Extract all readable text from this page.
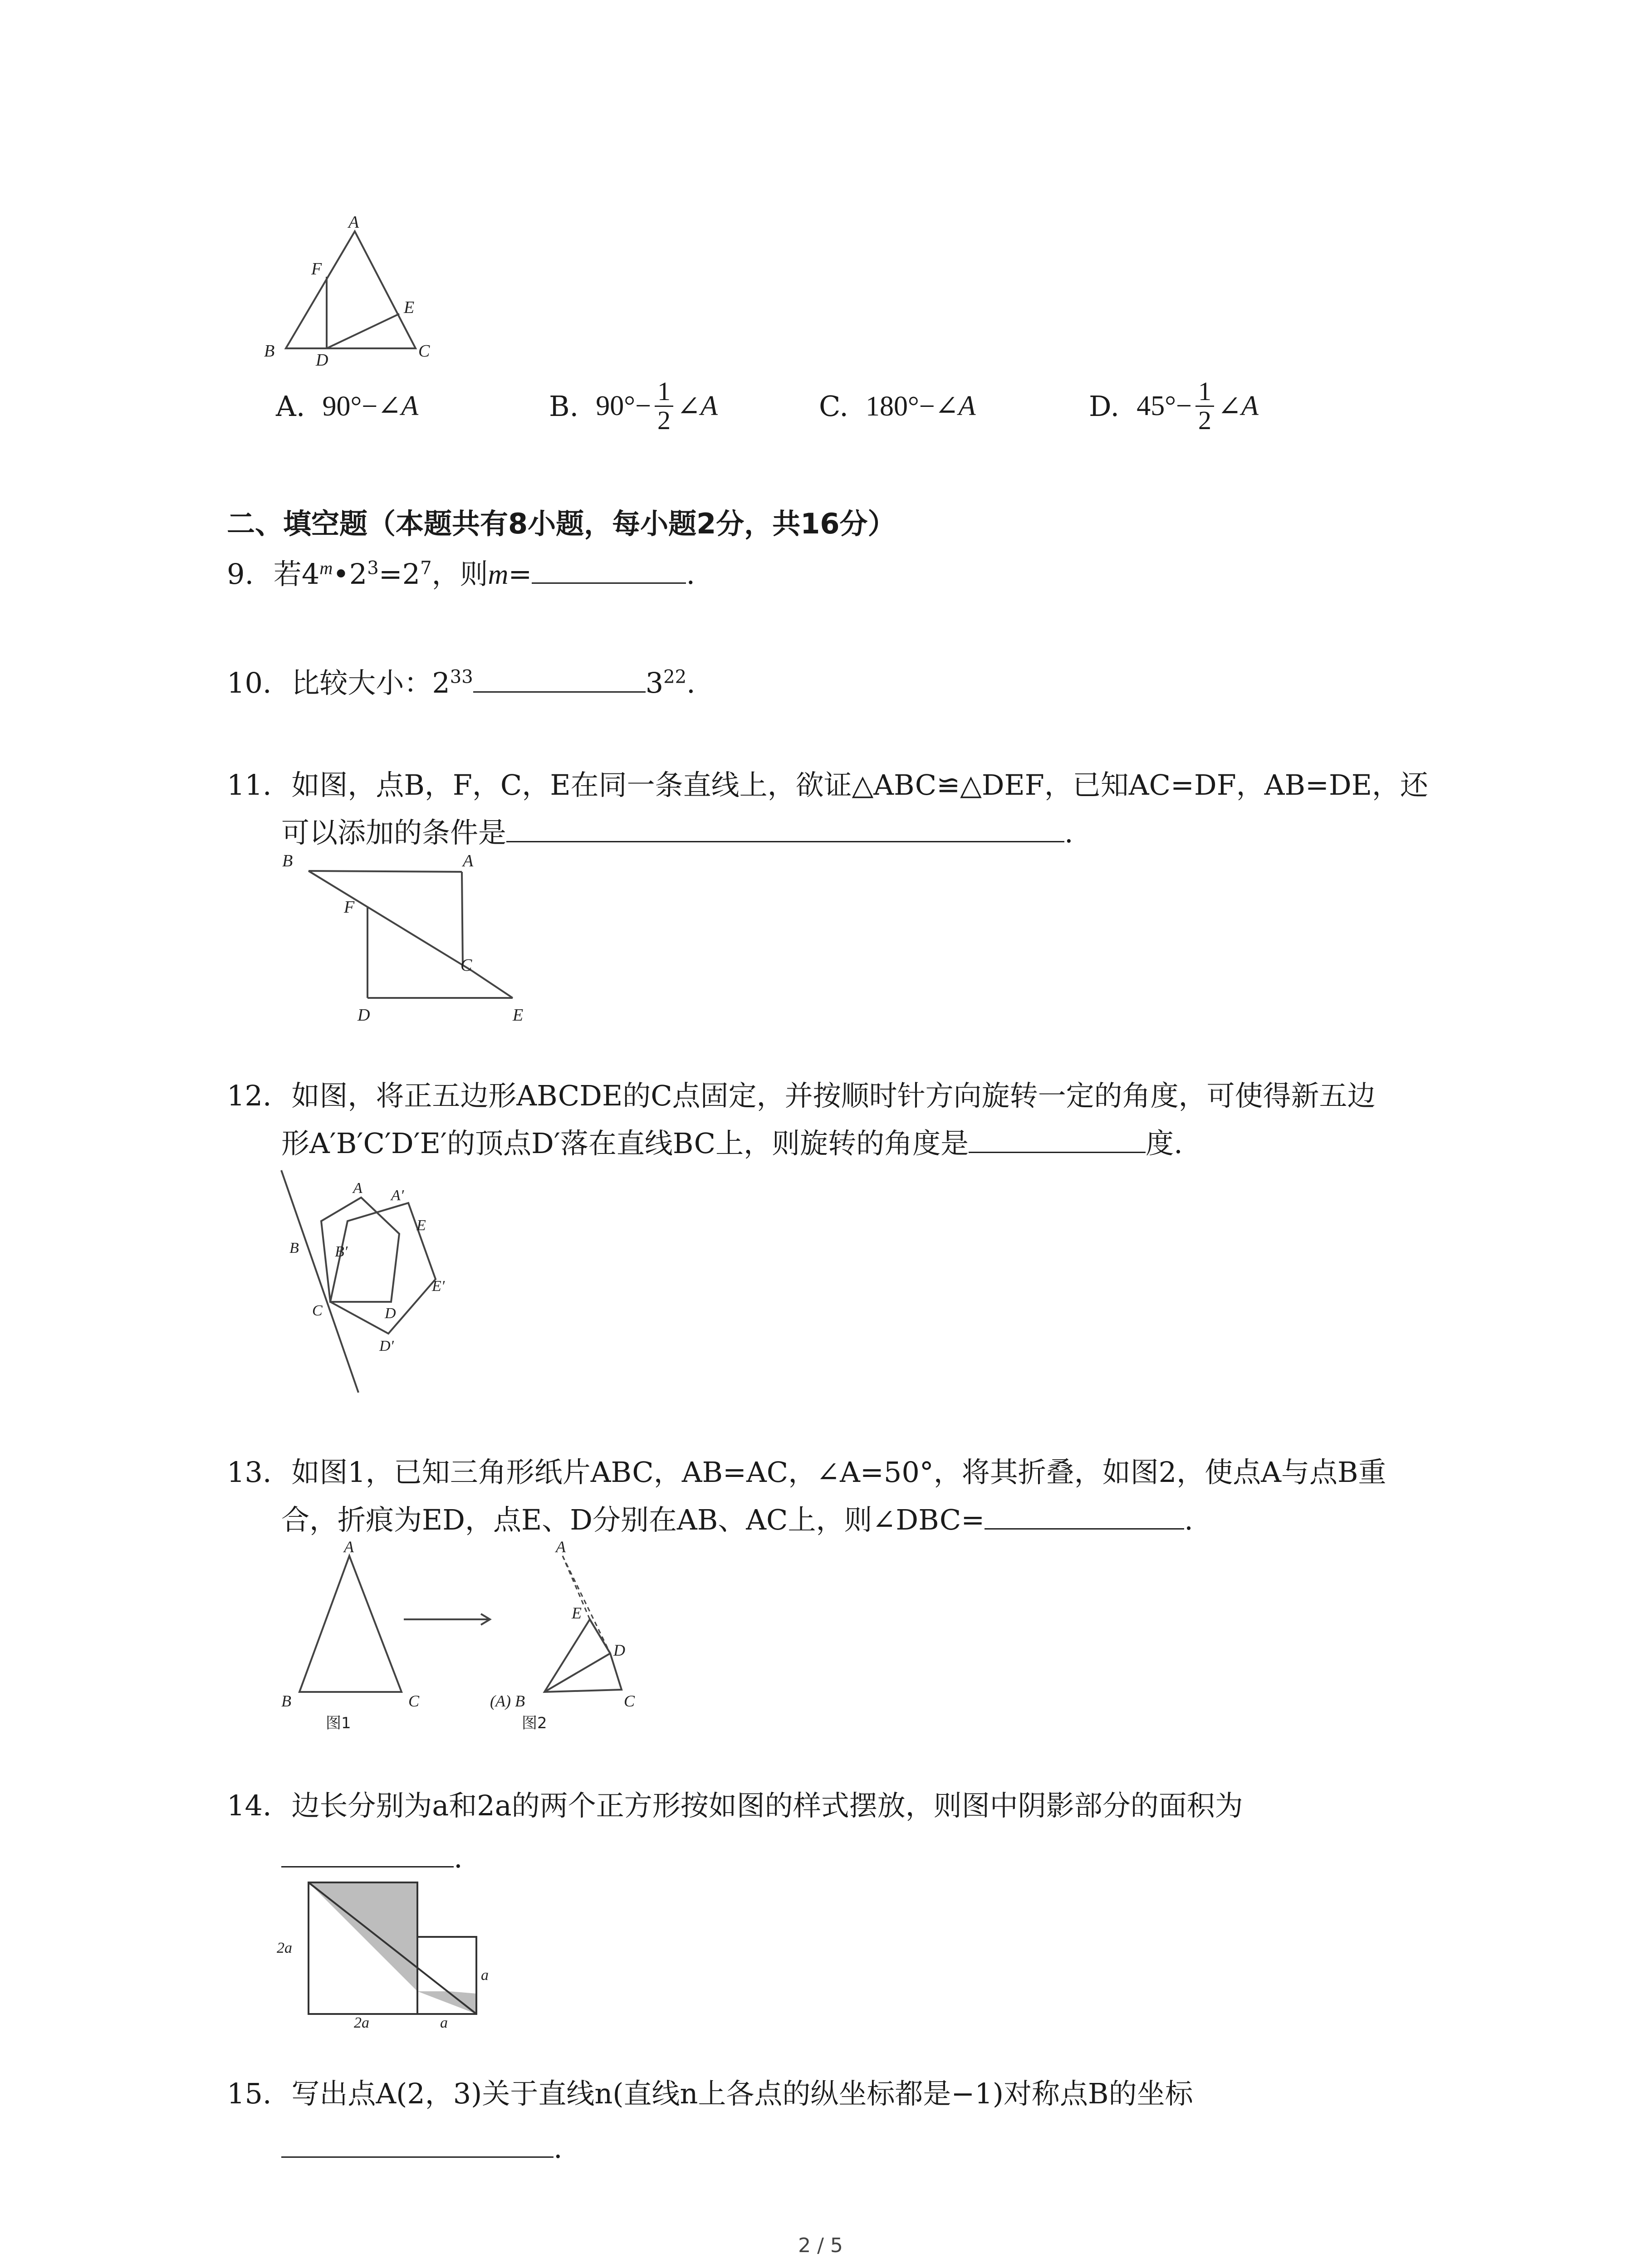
A
F
E
B D	C
A. 90°−∠ A	B. $90^\circ- \frac{1}{2}$ ∠ A	C. 180°−∠ A	D. $45^\circ- \frac{1}{2}$ ∠ A
二、填空题（本题共有8小题，每小题2分，共16分）
9. 若$4^m•2^3=2^7$，则m=	.
10. 比较大小：$2^{33}$	$3^{22}$.
11. 如图，点B，F，C，E在同一条直线上，欲证△ABC≌△DEF，已知AC=DF，AB=DE，还
可以添加的条件是	.
B	A
F
C
D	E
12. 如图，将正五边形ABCDE的C点固定，并按顺时针方向旋转一定的角度，可使得新五边
形A′B′C′D′E′的顶点D′落在直线BC上，则旋转的角度是	度.
A A′
B
E
B′
E′
C	D
D′
13. 如图1，已知三角形纸片ABC，AB=AC，∠A=50°，将其折叠，如图2，使点A与点B重
合，折痕为ED，点E、D分别在AB、AC上，则∠DBC=	.
A
B	C
A
E
D
(A) B	C
图1	图2
14. 边长分别为a和2a的两个正方形按如图的样式摆放，则图中阴影部分的面积为
.
2a
2a
a
a
15. 写出点A(2，3)关于直线n(直线n上各点的纵坐标都是−1)对称点B的坐标
.
2 / 5
